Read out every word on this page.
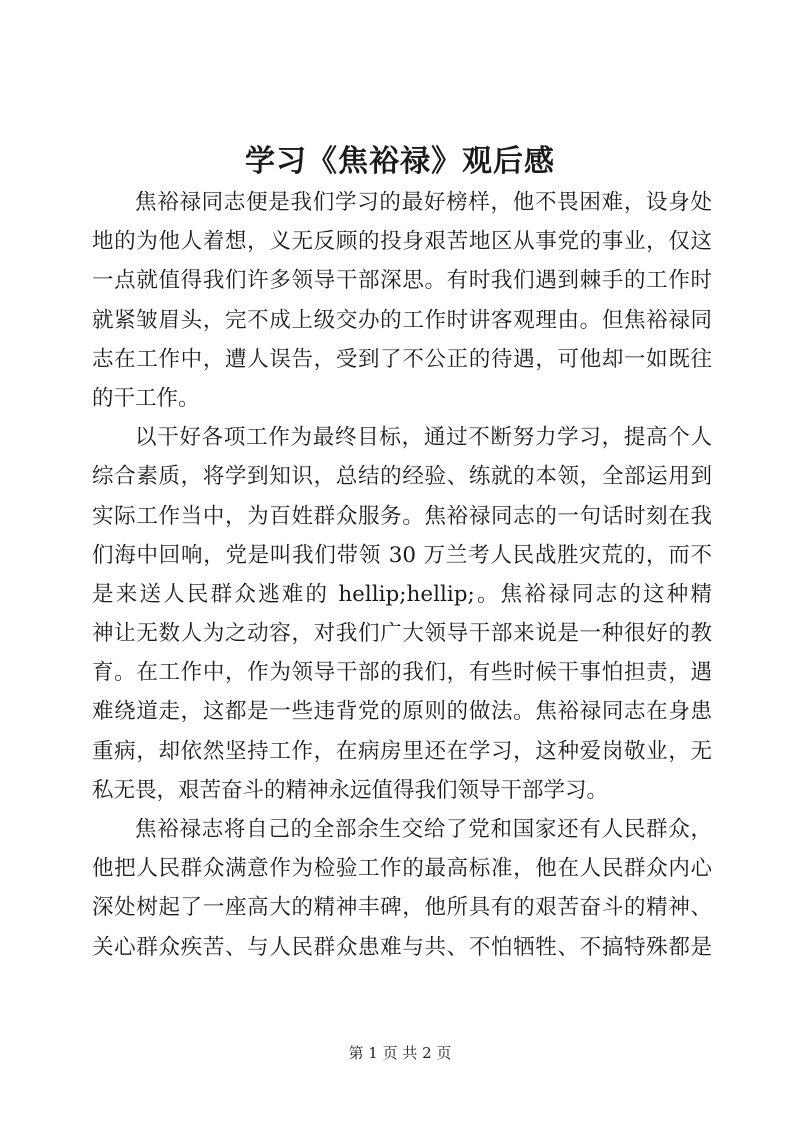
学习《焦裕禄》观后感
焦裕禄同志便是我们学习的最好榜样，他不畏困难，设身处
地的为他人着想，义无反顾的投身艰苦地区从事党的事业，仅这
一点就值得我们许多领导干部深思。有时我们遇到棘手的工作时
就紧皱眉头，完不成上级交办的工作时讲客观理由。但焦裕禄同
志在工作中，遭人误告，受到了不公正的待遇，可他却一如既往
的干工作。
以干好各项工作为最终目标，通过不断努力学习，提高个人
综合素质，将学到知识，总结的经验、练就的本领，全部运用到
实际工作当中，为百姓群众服务。焦裕禄同志的一句话时刻在我
们海中回响，党是叫我们带领 30 万兰考人民战胜灾荒的，而不
是来送人民群众逃难的 hellip;hellip;。焦裕禄同志的这种精
神让无数人为之动容，对我们广大领导干部来说是一种很好的教
育。在工作中，作为领导干部的我们，有些时候干事怕担责，遇
难绕道走，这都是一些违背党的原则的做法。焦裕禄同志在身患
重病，却依然坚持工作，在病房里还在学习，这种爱岗敬业，无
私无畏，艰苦奋斗的精神永远值得我们领导干部学习。
焦裕禄志将自己的全部余生交给了党和国家还有人民群众，
他把人民群众满意作为检验工作的最高标准，他在人民群众内心
深处树起了一座高大的精神丰碑，他所具有的艰苦奋斗的精神、
关心群众疾苦、与人民群众患难与共、不怕牺牲、不搞特殊都是
第 1 页 共 2 页
